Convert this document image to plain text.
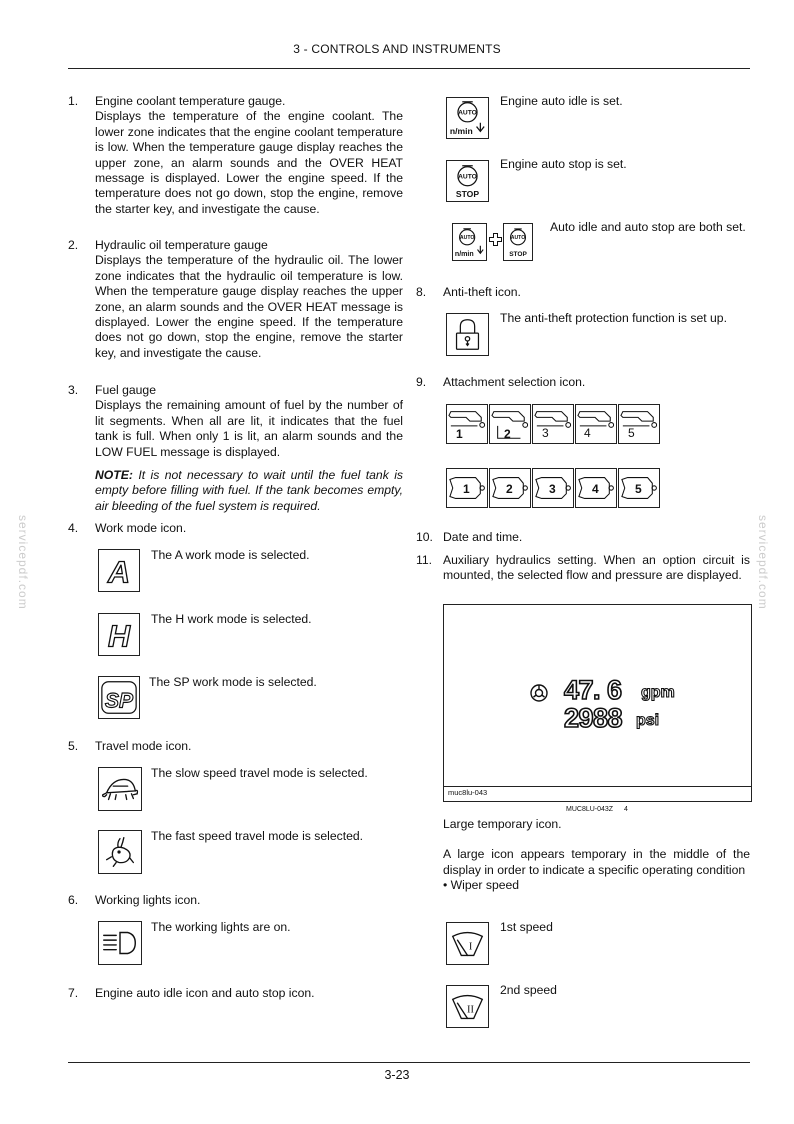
3 - CONTROLS AND INSTRUMENTS
3-23
servicepdf.com	servicepdf.com
1. Engine coolant temperature gauge.
Displays the temperature of the engine coolant. The lower zone indicates that the engine coolant temperature is low. When the temperature gauge display reaches the upper zone, an alarm sounds and the OVER HEAT message is displayed. Lower the engine speed. If the temperature does not go down, stop the engine, remove the starter key, and investigate the cause.
2. Hydraulic oil temperature gauge
Displays the temperature of the hydraulic oil. The lower zone indicates that the hydraulic oil temperature is low. When the temperature gauge display reaches the upper zone, an alarm sounds and the OVER HEAT message is displayed. Lower the engine speed. If the temperature does not go down, stop the engine, remove the starter key, and investigate the cause.
3. Fuel gauge
Displays the remaining amount of fuel by the number of lit segments. When all are lit, it indicates that the fuel tank is full. When only 1 is lit, an alarm sounds and the LOW FUEL message is displayed.
NOTE: It is not necessary to wait until the fuel tank is empty before filling with fuel. If the tank becomes empty, air bleeding of the fuel system is required.
4. Work mode icon.
A
The A work mode is selected.
H
The H work mode is selected.
SP
The SP work mode is selected.
5. Travel mode icon.
The slow speed travel mode is selected.
The fast speed travel mode is selected.
6. Working lights icon.
The working lights are on.
7. Engine auto idle icon and auto stop icon.
AUTO
n/min
Engine auto idle is set.
AUTO
STOP
Engine auto stop is set.
AUTO
n/min
AUTO
STOP
Auto idle and auto stop are both set.
8. Anti-theft icon.
The anti-theft protection function is set up.
9. Attachment selection icon.
1	2	3	4	5
1	2	3	4	5
10. Date and time.
11. Auxiliary hydraulics setting. When an option circuit is mounted, the selected flow and pressure are displayed.
47. 6 gpm
2988 psi
muc8lu-043
MUC8LU-043Z 4
Large temporary icon.
A large icon appears temporary in the middle of the display in order to indicate a specific operating condition
• Wiper speed
I
1st speed
II
2nd speed
